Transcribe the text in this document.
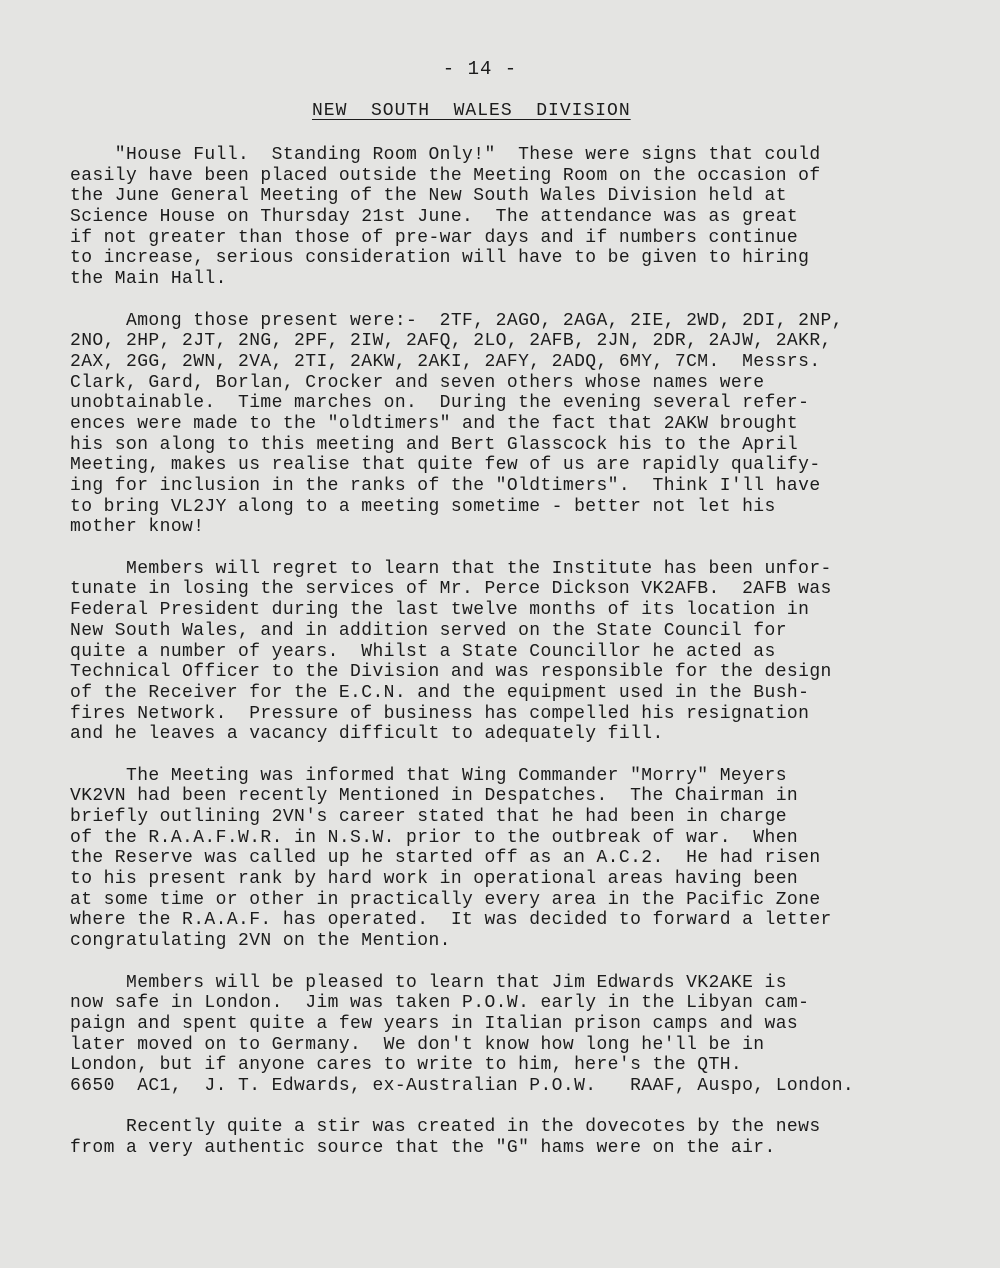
- 14 -
NEW  SOUTH  WALES  DIVISION
"House Full.  Standing Room Only!"  These were signs that could
easily have been placed outside the Meeting Room on the occasion of
the June General Meeting of the New South Wales Division held at
Science House on Thursday 21st June.  The attendance was as great
if not greater than those of pre-war days and if numbers continue
to increase, serious consideration will have to be given to hiring
the Main Hall.
Among those present were:-  2TF, 2AGO, 2AGA, 2IE, 2WD, 2DI, 2NP,
2NO, 2HP, 2JT, 2NG, 2PF, 2IW, 2AFQ, 2LO, 2AFB, 2JN, 2DR, 2AJW, 2AKR,
2AX, 2GG, 2WN, 2VA, 2TI, 2AKW, 2AKI, 2AFY, 2ADQ, 6MY, 7CM.  Messrs.
Clark, Gard, Borlan, Crocker and seven others whose names were
unobtainable.  Time marches on.  During the evening several refer-
ences were made to the "oldtimers" and the fact that 2AKW brought
his son along to this meeting and Bert Glasscock his to the April
Meeting, makes us realise that quite few of us are rapidly qualify-
ing for inclusion in the ranks of the "Oldtimers".  Think I'll have
to bring VL2JY along to a meeting sometime - better not let his
mother know!
Members will regret to learn that the Institute has been unfor-
tunate in losing the services of Mr. Perce Dickson VK2AFB.  2AFB was
Federal President during the last twelve months of its location in
New South Wales, and in addition served on the State Council for
quite a number of years.  Whilst a State Councillor he acted as
Technical Officer to the Division and was responsible for the design
of the Receiver for the E.C.N. and the equipment used in the Bush-
fires Network.  Pressure of business has compelled his resignation
and he leaves a vacancy difficult to adequately fill.
The Meeting was informed that Wing Commander "Morry" Meyers
VK2VN had been recently Mentioned in Despatches.  The Chairman in
briefly outlining 2VN's career stated that he had been in charge
of the R.A.A.F.W.R. in N.S.W. prior to the outbreak of war.  When
the Reserve was called up he started off as an A.C.2.  He had risen
to his present rank by hard work in operational areas having been
at some time or other in practically every area in the Pacific Zone
where the R.A.A.F. has operated.  It was decided to forward a letter
congratulating 2VN on the Mention.
Members will be pleased to learn that Jim Edwards VK2AKE is
now safe in London.  Jim was taken P.O.W. early in the Libyan cam-
paign and spent quite a few years in Italian prison camps and was
later moved on to Germany.  We don't know how long he'll be in
London, but if anyone cares to write to him, here's the QTH.
6650  AC1,  J. T. Edwards, ex-Australian P.O.W.   RAAF, Auspo, London.
Recently quite a stir was created in the dovecotes by the news
from a very authentic source that the "G" hams were on the air.
